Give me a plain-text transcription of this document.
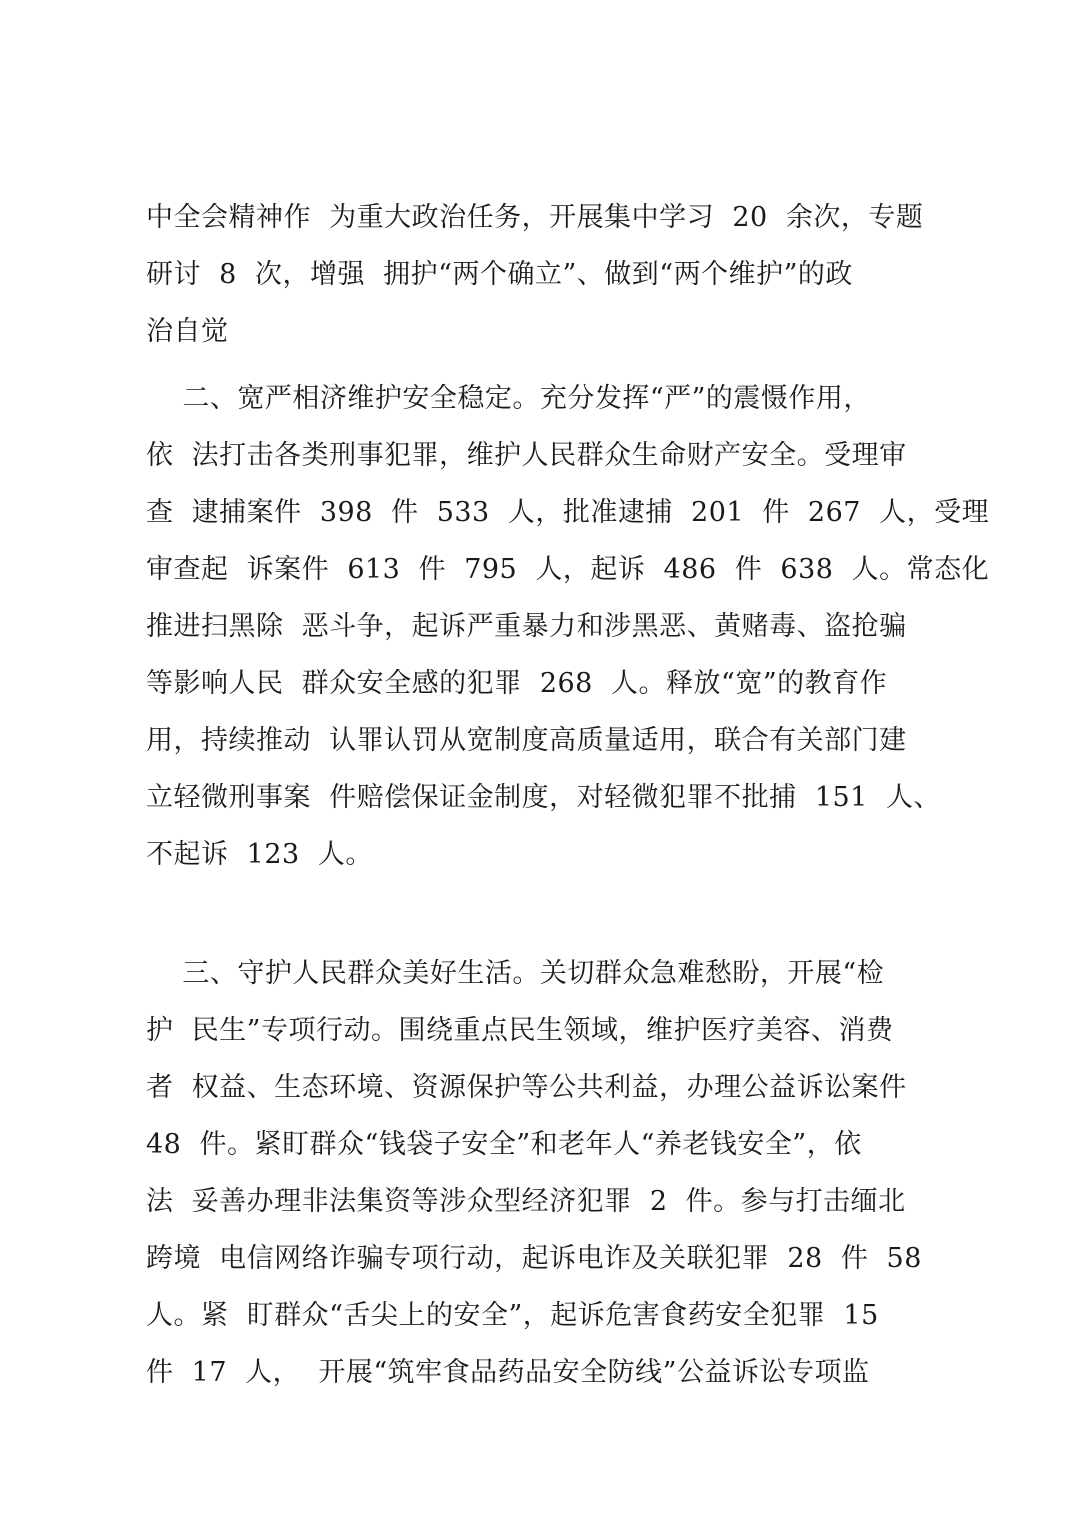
中全会精神作  为重大政治任务，开展集中学习  20  余次，专题
研讨  8  次，增强  拥护“两个确立”、做到“两个维护”的政
治自觉
二、宽严相济维护安全稳定。充分发挥“严”的震慑作用，
依  法打击各类刑事犯罪，维护人民群众生命财产安全。受理审
查  逮捕案件  398  件  533  人，批准逮捕  201  件  267  人，受理
审查起  诉案件  613  件  795  人，起诉  486  件  638  人。常态化
推进扫黑除  恶斗争，起诉严重暴力和涉黑恶、黄赌毒、盗抢骗
等影响人民  群众安全感的犯罪  268  人。释放“宽”的教育作
用，持续推动  认罪认罚从宽制度高质量适用，联合有关部门建
立轻微刑事案  件赔偿保证金制度，对轻微犯罪不批捕  151  人、
不起诉  123  人。
三、守护人民群众美好生活。关切群众急难愁盼，开展“检
护  民生”专项行动。围绕重点民生领域，维护医疗美容、消费
者  权益、生态环境、资源保护等公共利益，办理公益诉讼案件
48  件。紧盯群众“钱袋子安全”和老年人“养老钱安全”，依
法  妥善办理非法集资等涉众型经济犯罪  2  件。参与打击缅北
跨境  电信网络诈骗专项行动，起诉电诈及关联犯罪  28  件  58
人。紧  盯群众“舌尖上的安全”，起诉危害食药安全犯罪  15
件  17  人，  开展“筑牢食品药品安全防线”公益诉讼专项监
